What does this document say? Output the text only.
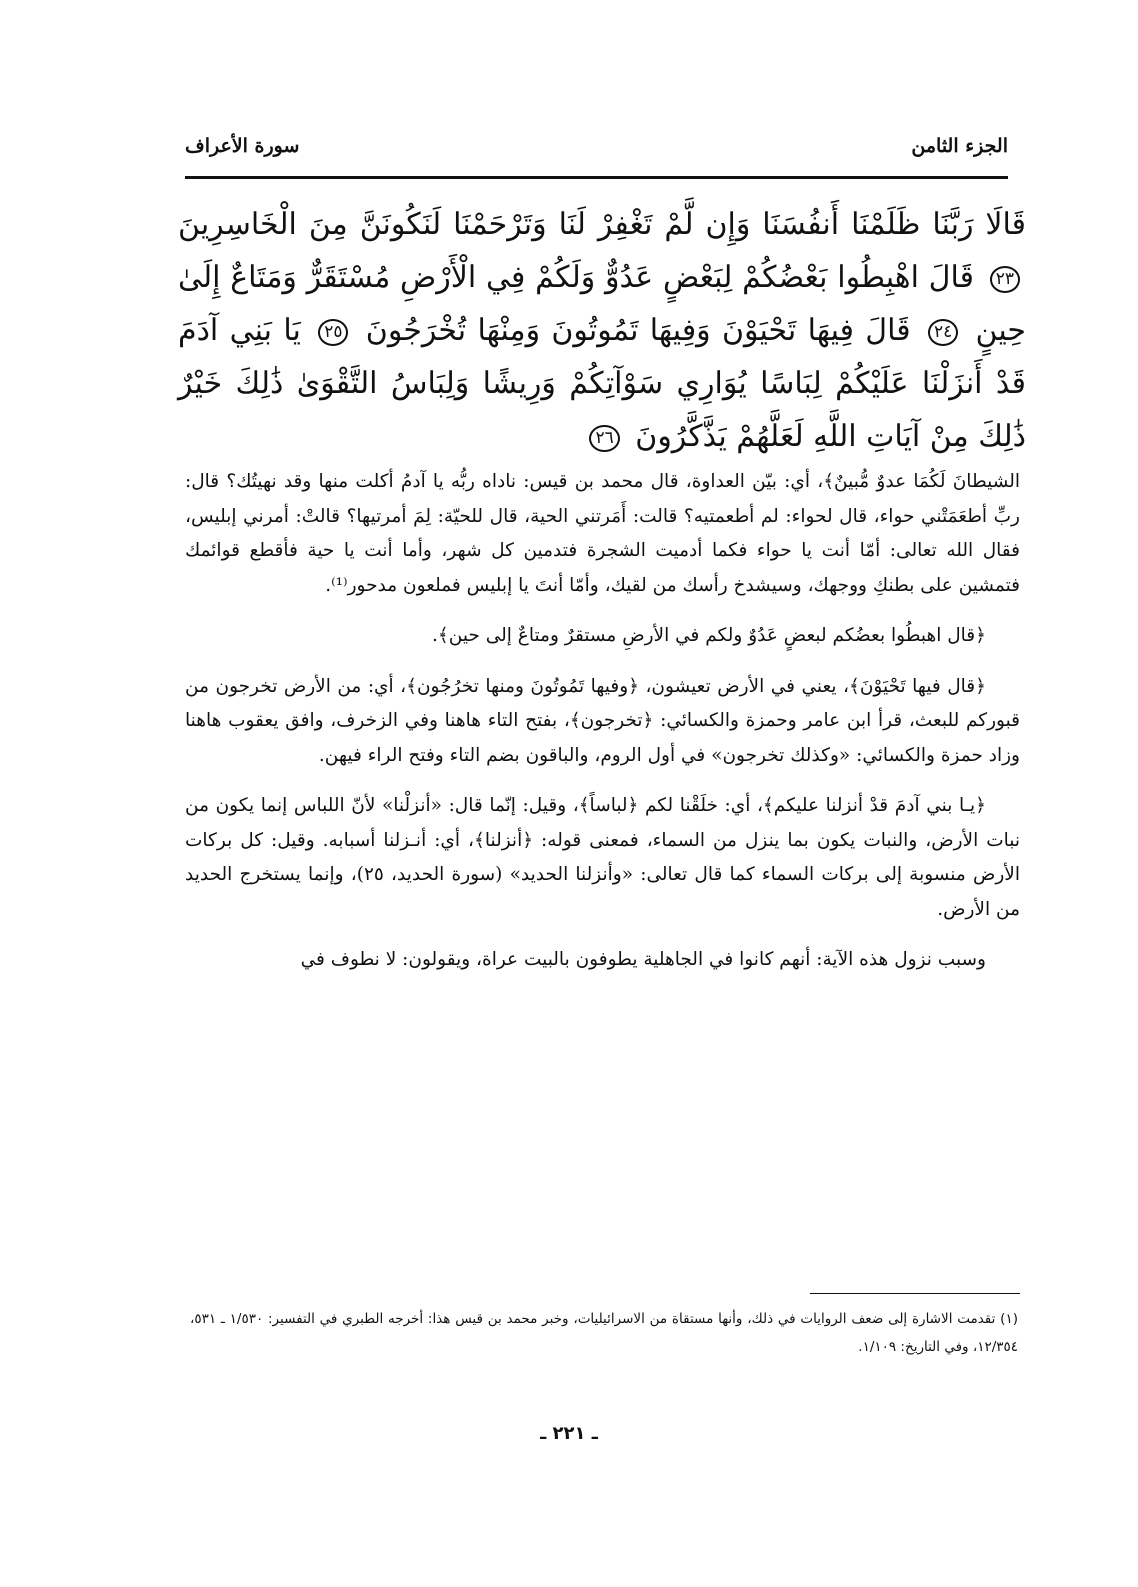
الجزء الثامن
سورة الأعراف
قَالَا رَبَّنَا ظَلَمْنَا أَنفُسَنَا وَإِن لَّمْ تَغْفِرْ لَنَا وَتَرْحَمْنَا لَنَكُونَنَّ مِنَ الْخَاسِرِينَ ٢٣ قَالَ اهْبِطُوا بَعْضُكُمْ لِبَعْضٍ عَدُوٌّ وَلَكُمْ فِي الْأَرْضِ مُسْتَقَرٌّ وَمَتَاعٌ إِلَىٰ حِينٍ ٢٤ قَالَ فِيهَا تَحْيَوْنَ وَفِيهَا تَمُوتُونَ وَمِنْهَا تُخْرَجُونَ ٢٥ يَا بَنِي آدَمَ قَدْ أَنزَلْنَا عَلَيْكُمْ لِبَاسًا يُوَارِي سَوْآتِكُمْ وَرِيشًا وَلِبَاسُ التَّقْوَىٰ ذَٰلِكَ خَيْرٌ ذَٰلِكَ مِنْ آيَاتِ اللَّهِ لَعَلَّهُمْ يَذَّكَّرُونَ ٢٦

الشيطانَ لَكُمَا عدوٌ مُّبينٌ﴾، أي: بيّن العداوة، قال محمد بن قيس: ناداه ربُّه يا آدمُ أكلت منها وقد نهيتُك؟ قال: ربِّ أطعَمَتْني حواء، قال لحواء: لم أطعمتيه؟ قالت: أَمَرتني الحية، قال للحيّة: لِمَ أمرتيها؟ قالتْ: أمرني إبليس، فقال الله تعالى: أمّا أنت يا حواء فكما أدميت الشجرة فتدمين كل شهر، وأما أنت يا حية فأقطع قوائمك فتمشين على بطنكِ ووجهك، وسيشدخ رأسك من لقيك، وأمّا أنتَ يا إبليس فملعون مدحور⁽¹⁾.

﴿قال اهبطُوا بعضُكم لبعضٍ عَدُوٌ ولكم في الأرضِ مستقرٌ ومتاعٌ إلى حين﴾.

﴿قال فيها تَحْيَوْنَ﴾، يعني في الأرض تعيشون، ﴿وفيها تَمُوتُونَ ومنها تخرُجُون﴾، أي: من الأرض تخرجون من قبوركم للبعث، قرأ ابن عامر وحمزة والكسائي: ﴿تخرجون﴾، بفتح التاء هاهنا وفي الزخرف، وافق يعقوب هاهنا وزاد حمزة والكسائي: «وكذلك تخرجون» في أول الروم، والباقون بضم التاء وفتح الراء فيهن.

﴿يـا بني آدمَ قدْ أنزلنا عليكم﴾، أي: خلَقْنا لكم ﴿لباساً﴾، وقيل: إنّما قال: «أنزلْنا» لأنّ اللباس إنما يكون من نبات الأرض، والنبات يكون بما ينزل من السماء، فمعنى قوله: ﴿أنزلنا﴾، أي: أنـزلنا أسبابه. وقيل: كل بركات الأرض منسوبة إلى بركات السماء كما قال تعالى: «وأنزلنا الحديد» (سورة الحديد، ٢٥)، وإنما يستخرج الحديد من الأرض.

وسبب نزول هذه الآية: أنهم كانوا في الجاهلية يطوفون بالبيت عراة، ويقولون: لا نطوف في

(١) تقدمت الاشارة إلى ضعف الروايات في ذلك، وأنها مستقاة من الاسرائيليات، وخبر محمد بن قيس هذا: أخرجه الطبري في التفسير: ١/٥٣٠ ـ ٥٣١، ١٢/٣٥٤، وفي التاريخ: ١/١٠٩.
ـ ٢٢١ ـ
